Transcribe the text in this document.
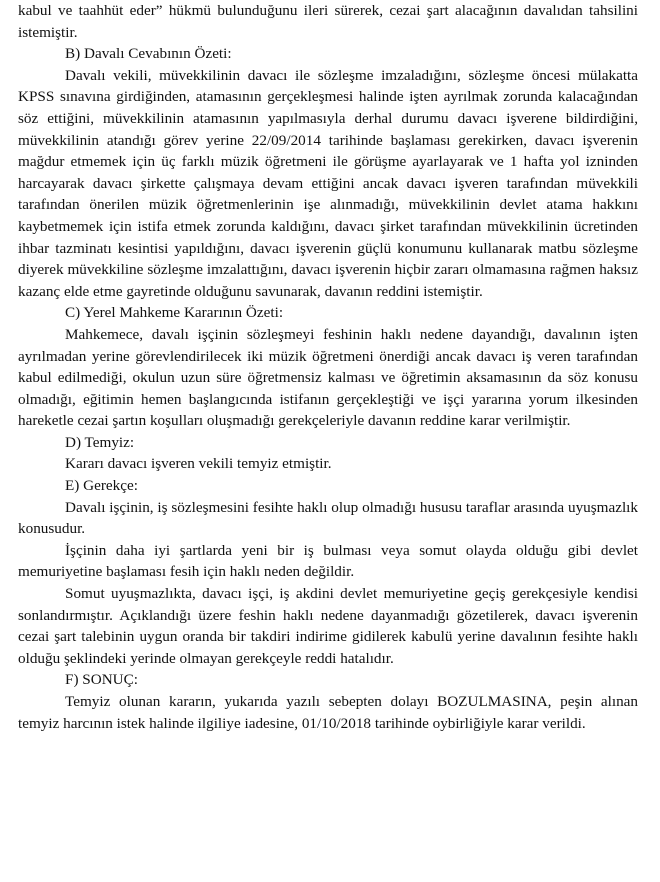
kabul ve taahhüt eder” hükmü bulunduğunu ileri sürerek, cezai şart alacağının davalıdan tahsilini istemiştir.

B) Davalı Cevabının Özeti:

Davalı vekili, müvekkilinin davacı ile sözleşme imzaladığını, sözleşme öncesi mülakatta KPSS sınavına girdiğinden, atamasının gerçekleşmesi halinde işten ayrılmak zorunda kalacağından söz ettiğini, müvekkilinin atamasının yapılmasıyla derhal durumu davacı işverene bildirdiğini, müvekkilinin atandığı görev yerine 22/09/2014 tarihinde başlaması gerekirken, davacı işverenin mağdur etmemek için üç farklı müzik öğretmeni ile görüşme ayarlayarak ve 1 hafta yol izninden harcayarak davacı şirkette çalışmaya devam ettiğini ancak davacı işveren tarafından müvekkili tarafından önerilen müzik öğretmenlerinin işe alınmadığı, müvekkilinin devlet atama hakkını kaybetmemek için istifa etmek zorunda kaldığını, davacı şirket tarafından müvekkilinin ücretinden ihbar tazminatı kesintisi yapıldığını, davacı işverenin güçlü konumunu kullanarak matbu sözleşme diyerek müvekkiline sözleşme imzalattığını, davacı işverenin hiçbir zararı olmamasına rağmen haksız kazanç elde etme gayretinde olduğunu savunarak, davanın reddini istemiştir.

C) Yerel Mahkeme Kararının Özeti:

Mahkemece, davalı işçinin sözleşmeyi feshinin haklı nedene dayandığı, davalının işten ayrılmadan yerine görevlendirilecek iki müzik öğretmeni önerdiği ancak davacı iş veren tarafından kabul edilmediği, okulun uzun süre öğretmensiz kalması ve öğretimin aksamasının da söz konusu olmadığı, eğitimin hemen başlangıcında istifanın gerçekleştiği ve işçi yararına yorum ilkesinden hareketle cezai şartın koşulları oluşmadığı gerekçeleriyle davanın reddine karar verilmiştir.

D) Temyiz:

Kararı davacı işveren vekili temyiz etmiştir.

E) Gerekçe:

Davalı işçinin, iş sözleşmesini fesihte haklı olup olmadığı hususu taraflar arasında uyuşmazlık konusudur.

İşçinin daha iyi şartlarda yeni bir iş bulması veya somut olayda olduğu gibi devlet memuriyetine başlaması fesih için haklı neden değildir.

Somut uyuşmazlıkta, davacı işçi, iş akdini devlet memuriyetine geçiş gerekçesiyle kendisi sonlandırmıştır. Açıklandığı üzere feshin haklı nedene dayanmadığı gözetilerek, davacı işverenin cezai şart talebinin uygun oranda bir takdiri indirime gidilerek kabulü yerine davalının fesihte haklı olduğu şeklindeki yerinde olmayan gerekçeyle reddi hatalıdır.

F) SONUÇ:

Temyiz olunan kararın, yukarıda yazılı sebepten dolayı BOZULMASINA, peşin alınan temyiz harcının istek halinde ilgiliye iadesine, 01/10/2018 tarihinde oybirliğiyle karar verildi.
